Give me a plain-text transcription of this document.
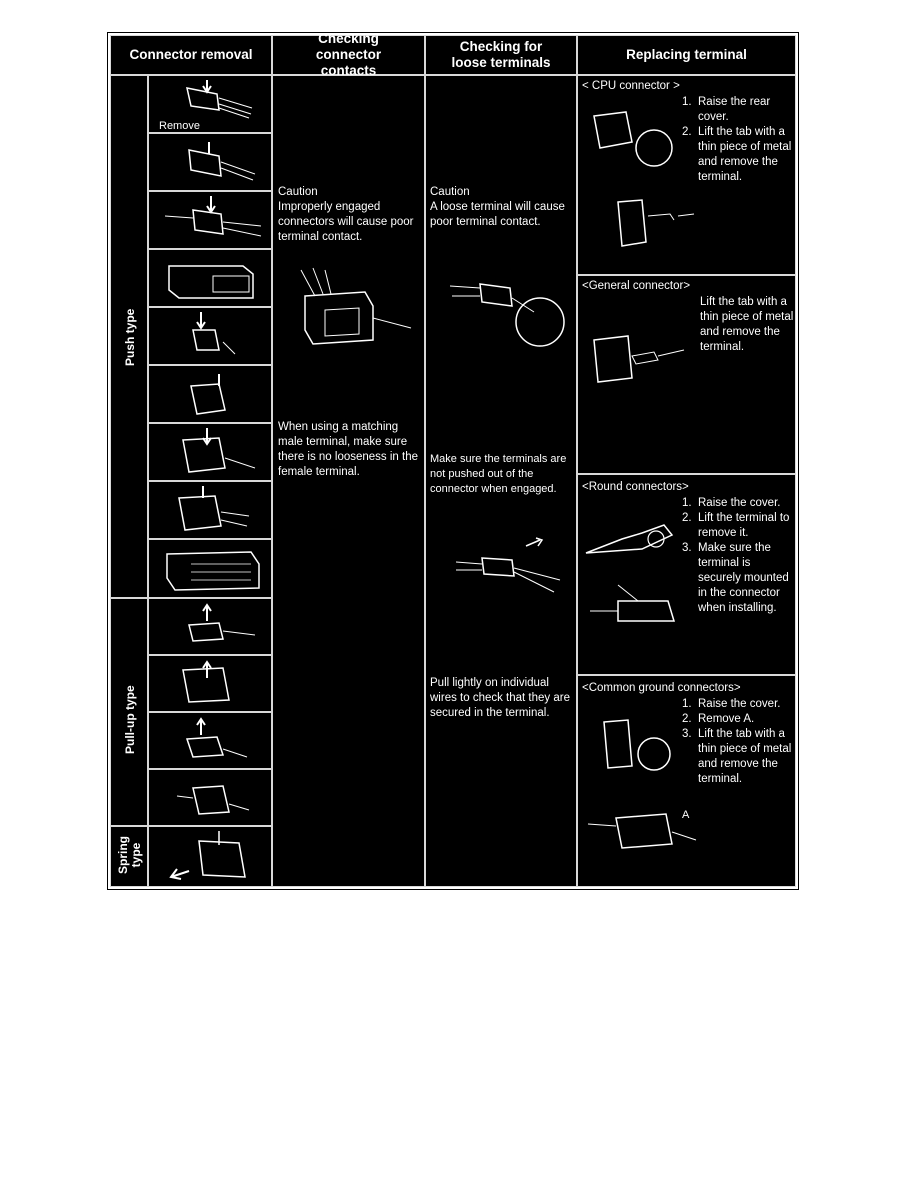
Connector removal
Checking connector contacts
Checking for loose terminals
Replacing terminal
Push type
Pull-up type
Spring type
Remove
Caution
Improperly engaged connectors will cause poor terminal contact.
When using a matching male terminal, make sure there is no looseness in the female terminal.
Caution
A loose terminal will cause poor terminal contact.
Make sure the terminals are not pushed out of the connector when engaged.
Pull lightly on individual wires to check that they are secured in the terminal.
< CPU connector >
1. Raise the rear cover.
2. Lift the tab with a thin piece of metal and remove the terminal.
<General connector>
Lift the tab with a thin piece of metal and remove the terminal.
<Round connectors>
1. Raise the cover.
2. Lift the terminal to remove it.
3. Make sure the terminal is securely mounted in the connector when installing.
<Common ground connectors>
1. Raise the cover.
2. Remove A.
3. Lift the tab with a thin piece of metal and remove the terminal.
A
